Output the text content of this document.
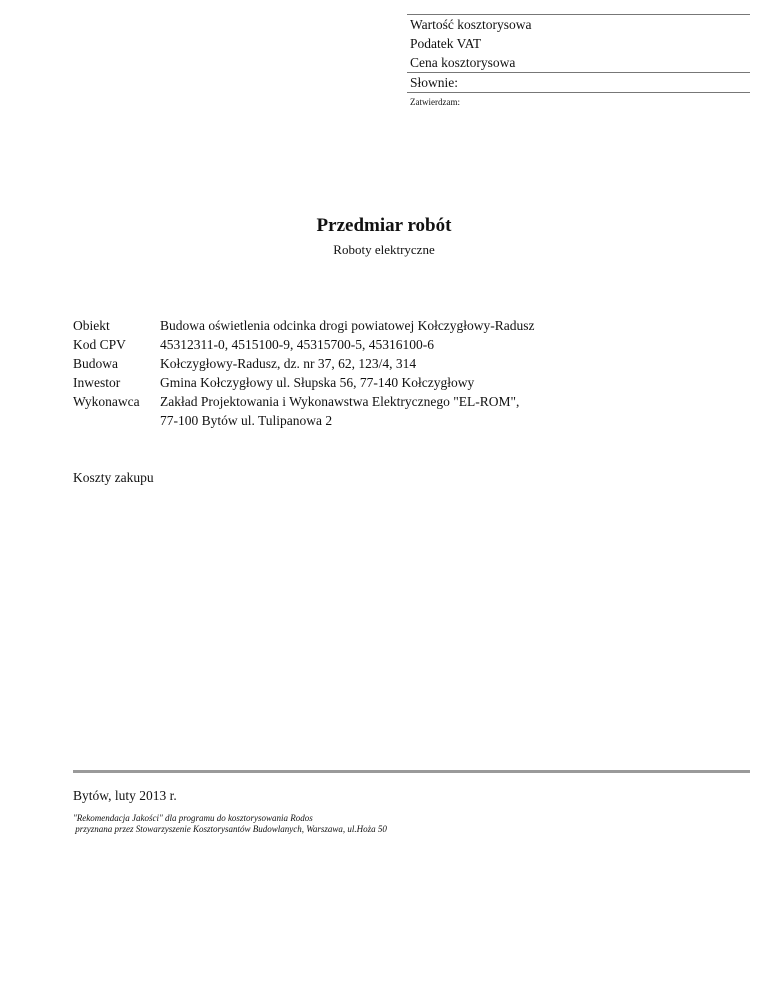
Wartość kosztorysowa
Podatek VAT
Cena kosztorysowa
Słownie:
Zatwierdzam:
Przedmiar robót
Roboty elektryczne
Obiekt	Budowa oświetlenia odcinka drogi powiatowej Kołczygłowy-Radusz
Kod CPV	45312311-0, 4515100-9, 45315700-5, 45316100-6
Budowa	Kołczygłowy-Radusz, dz. nr 37, 62, 123/4, 314
Inwestor	Gmina Kołczygłowy ul. Słupska 56, 77-140 Kołczygłowy
Wykonawca	Zakład Projektowania i Wykonawstwa Elektrycznego "EL-ROM",
77-100 Bytów ul. Tulipanowa 2
Koszty zakupu
Bytów, luty 2013 r.
"Rekomendacja Jakości" dla programu do kosztorysowania Rodos
przyznana przez Stowarzyszenie Kosztorysantów Budowlanych, Warszawa, ul.Hoża 50
